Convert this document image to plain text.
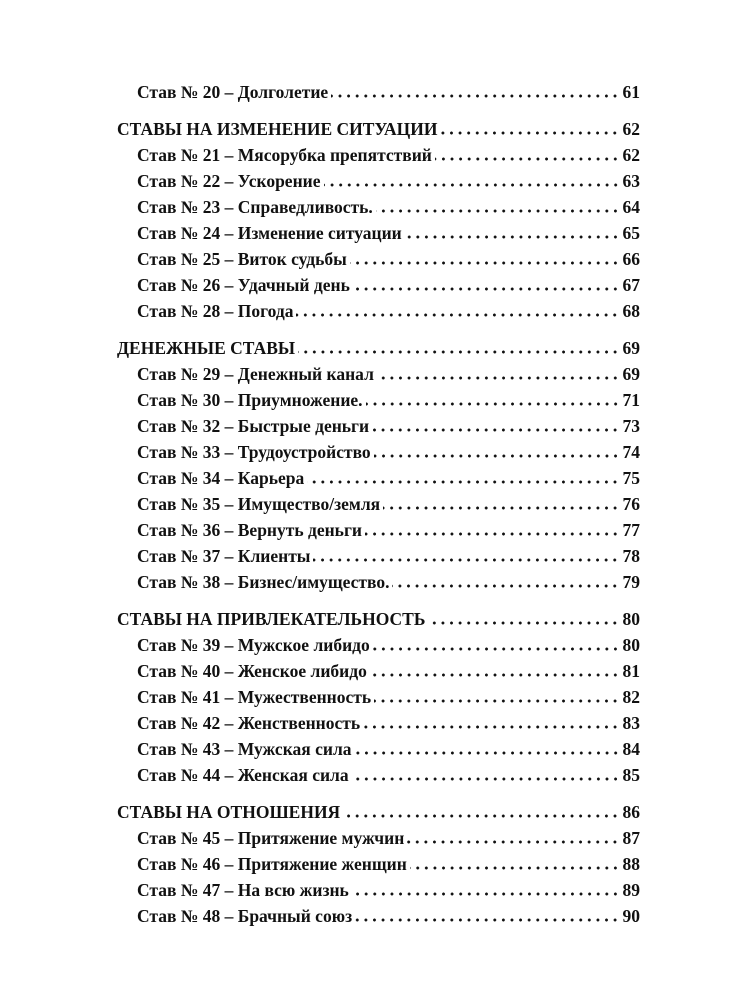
Став № 20 – Долголетие	61
СТАВЫ НА ИЗМЕНЕНИЕ СИТУАЦИИ	62
Став № 21 – Мясорубка препятствий	62
Став № 22 – Ускорение	63
Став № 23 – Справедливость.	64
Став № 24 – Изменение ситуации	65
Став № 25 – Виток судьбы	66
Став № 26 – Удачный день	67
Став № 28 – Погода	68
ДЕНЕЖНЫЕ СТАВЫ	69
Став № 29 – Денежный канал	69
Став № 30 – Приумножение.	71
Став № 32 – Быстрые деньги	73
Став № 33 – Трудоустройство	74
Став № 34 – Карьера	75
Став № 35 – Имущество/земля	76
Став № 36 – Вернуть деньги	77
Став № 37 – Клиенты	78
Став № 38 – Бизнес/имущество.	79
СТАВЫ НА ПРИВЛЕКАТЕЛЬНОСТЬ	80
Став № 39 – Мужское либидо	80
Став № 40 – Женское либидо	81
Став № 41 – Мужественность	82
Став № 42 – Женственность	83
Став № 43 – Мужская сила	84
Став № 44 – Женская сила	85
СТАВЫ НА ОТНОШЕНИЯ	86
Став № 45 – Притяжение мужчин	87
Став № 46 – Притяжение женщин	88
Став № 47 – На всю жизнь	89
Став № 48 – Брачный союз	90
